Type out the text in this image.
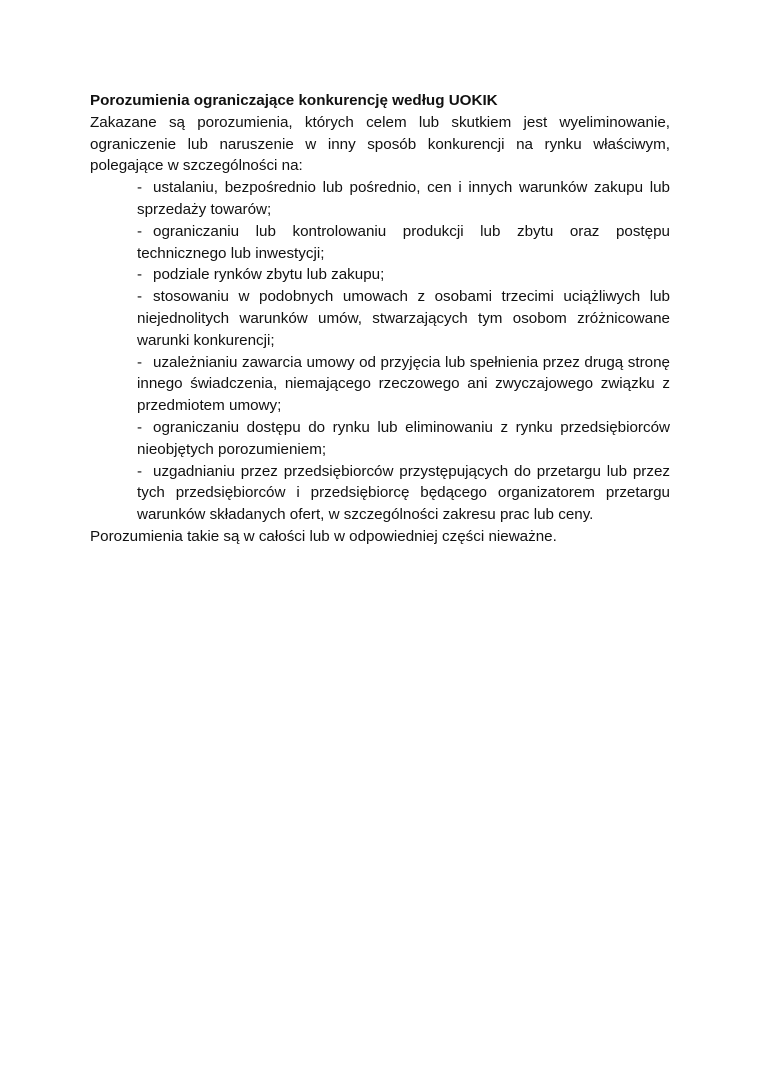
Porozumienia ograniczające konkurencję według UOKIK

Zakazane są porozumienia, których celem lub skutkiem jest wyeliminowanie, ograniczenie lub naruszenie w inny sposób konkurencji na rynku właściwym, polegające w szczególności na:

- ustalaniu, bezpośrednio lub pośrednio, cen i innych warunków zakupu lub sprzedaży towarów;
- ograniczaniu lub kontrolowaniu produkcji lub zbytu oraz postępu technicznego lub inwestycji;
- podziale rynków zbytu lub zakupu;
- stosowaniu w podobnych umowach z osobami trzecimi uciążliwych lub niejednolitych warunków umów, stwarzających tym osobom zróżnicowane warunki konkurencji;
- uzależnianiu zawarcia umowy od przyjęcia lub spełnienia przez drugą stronę innego świadczenia, niemającego rzeczowego ani zwyczajowego związku z przedmiotem umowy;
- ograniczaniu dostępu do rynku lub eliminowaniu z rynku przedsiębiorców nieobjętych porozumieniem;
- uzgadnianiu przez przedsiębiorców przystępujących do przetargu lub przez tych przedsiębiorców i przedsiębiorcę będącego organizatorem przetargu warunków składanych ofert, w szczególności zakresu prac lub ceny.

Porozumienia takie są w całości lub w odpowiedniej części nieważne.
